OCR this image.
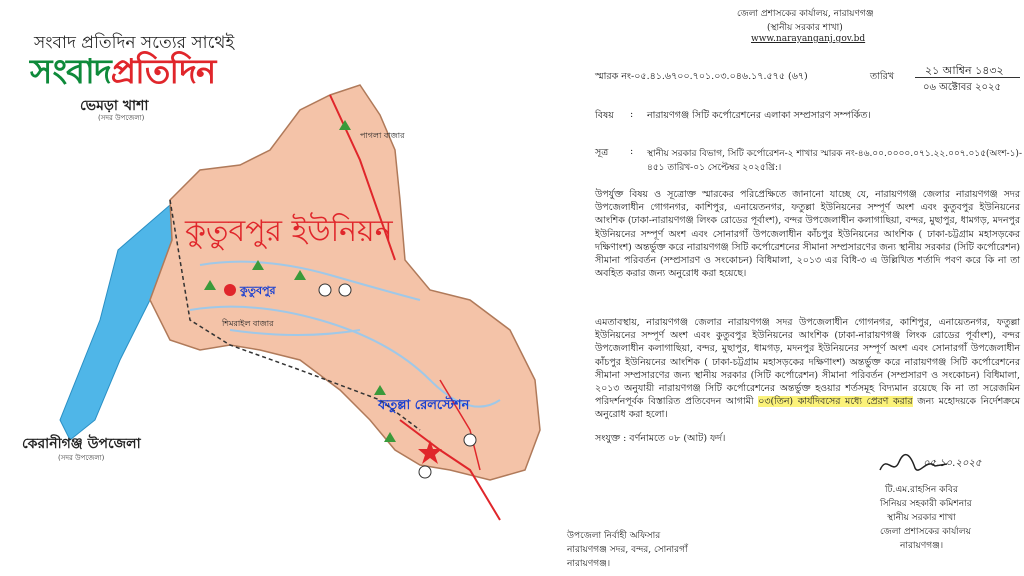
সংবাদ প্রতিদিন সত্যের সাথেই
সংবাদপ্রতিদিন
ভেমড়া খাশা
(সদর উপজেলা)
কুতুবপুর ইউনিয়ন
কুতুবপুর
শিমরাইল বাজার
পাগলা বাজার
ফতুল্লা রেলস্টেশন
কেরানীগঞ্জ উপজেলা
(সদর উপজেলা)
জেলা প্রশাসকের কার্যালয়, নারায়ণগঞ্জ
(স্থানীয় সরকার শাখা)
www.narayanganj.gov.bd
স্মারক নং-০৫.৪১.৬৭০০.৭০১.০৩.০৪৬.১৭.৫৭৫ (৬৭)	তারিখ	২১ আশ্বিন ১৪৩২
০৬ অক্টোবর ২০২৫
বিষয় : নারায়ণগঞ্জ সিটি কর্পোরেশনের এলাকা সম্প্রসারণ সম্পর্কিত।
সূত্র : স্থানীয় সরকার বিভাগ, সিটি কর্পোরেশন-২ শাখার স্মারক নং-৪৬.০০.০০০০.০৭১.২২.০০৭.০১৫(অংশ-১)-
৪৫১ তারিখ-০১ সেপ্টেম্বর ২০২৫খ্রি:।
উপর্যুক্ত বিষয় ও সূত্রোক্ত স্মারকের পরিপ্রেক্ষিতে জানানো যাচ্ছে যে, নারায়ণগঞ্জ জেলার নারায়ণগঞ্জ সদর উপজেলাধীন গোগনগর, কাশিপুর, এনায়েতনগর, ফতুল্লা ইউনিয়নের সম্পূর্ণ অংশ এবং কুতুবপুর ইউনিয়নের আংশিক (ঢাকা-নারায়ণগঞ্জ লিংক রোডের পূর্বাংশ), বন্দর উপজেলাধীন কলাগাছিয়া, বন্দর, মুছাপুর, ধামগড়, মদনপুর ইউনিয়নের সম্পূর্ণ অংশ এবং সোনারগাঁ উপজেলাধীন কাঁচপুর ইউনিয়নের আংশিক ( ঢাকা-চট্টগ্রাম মহাসড়কের দক্ষিণাংশ) অন্তর্ভুক্ত করে নারায়ণগঞ্জ সিটি কর্পোরেশনের সীমানা সম্প্রসারণের জন্য স্থানীয় সরকার (সিটি কর্পোরেশন) সীমানা পরিবর্তন (সম্প্রসারণ ও সংকোচন) বিধিমালা, ২০১৩ এর বিধি-৩ এ উল্লিখিত শর্তাদি পবণ করে কি না তা অবহিত করার জন্য অনুরোধ করা হয়েছে।
এমতাবস্থায়, নারায়ণগঞ্জ জেলার নারায়ণগঞ্জ সদর উপজেলাধীন গোগনগর, কাশিপুর, এনায়েতনগর, ফতুল্লা ইউনিয়নের সম্পূর্ণ অংশ এবং কুতুবপুর ইউনিয়নের আংশিক (ঢাকা-নারায়ণগঞ্জ লিংক রোডের পূর্বাংশ), বন্দর উপজেলাধীন কলাগাছিয়া, বন্দর, মুছাপুর, ধামগড়, মদনপুর ইউনিয়নের সম্পূর্ণ অংশ এবং সোনারগাঁ উপজেলাধীন কাঁচপুর ইউনিয়নের আংশিক ( ঢাকা-চট্টগ্রাম মহাসড়কের দক্ষিণাংশ) অন্তর্ভুক্ত করে নারায়ণগঞ্জ সিটি কর্পোরেশনের সীমানা সম্প্রসারণের জন্য স্থানীয় সরকার (সিটি কর্পোরেশন) সীমানা পরিবর্তন (সম্প্রসারণ ও সংকোচন) বিধিমালা, ২০১৩ অনুযায়ী নারায়ণগঞ্জ সিটি কর্পোরেশনের অন্তর্ভুক্ত হওয়ার শর্তসমূহ বিদ্যমান রয়েছে কি না তা সরেজমিন পরিদর্শনপূর্বক বিস্তারিত প্রতিবেদন আগামী ০৩(তিন) কার্যদিবসের মধ্যে প্রেরণ করার জন্য মহোদয়কে নির্দেশক্রমে অনুরোধ করা হলো।
সংযুক্ত : বর্ণনামতে ০৮ (আট) ফর্দ।
০৫.১০.২০২৫
টি.এম.রাহসিন কবির
সিনিয়র সহকারী কমিশনার
স্থানীয় সরকার শাখা
জেলা প্রশাসকের কার্যালয়
নারায়ণগঞ্জ।
উপজেলা নির্বাহী অফিসার
নারায়ণগঞ্জ সদর, বন্দর, সোনারগাঁ
নারায়ণগঞ্জ।
